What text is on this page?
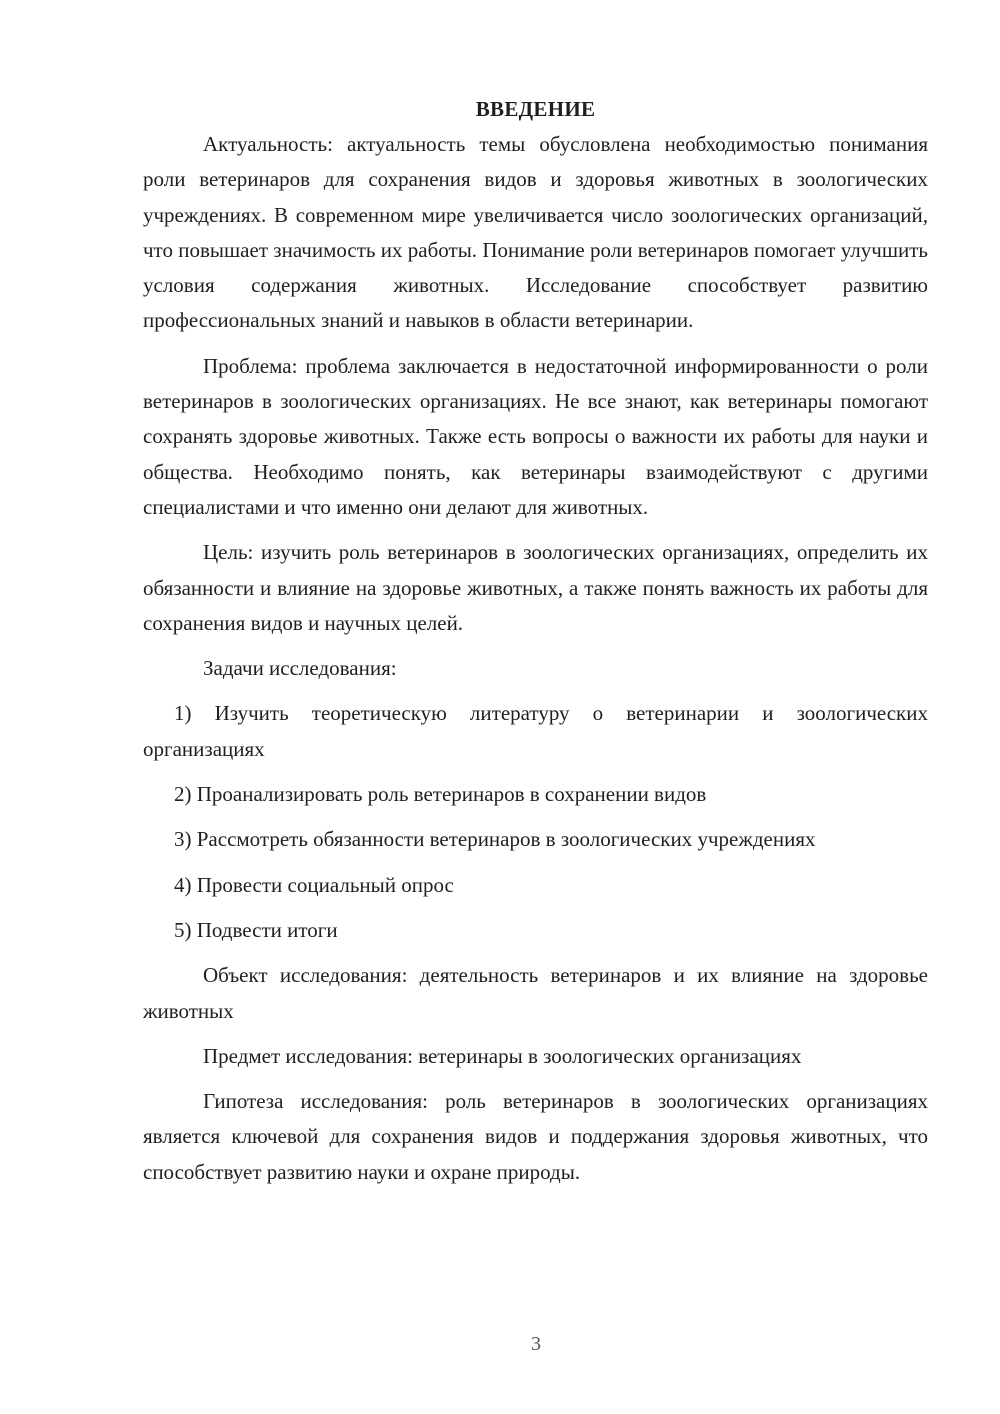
ВВЕДЕНИЕ

Актуальность: актуальность темы обусловлена необходимостью понимания роли ветеринаров для сохранения видов и здоровья животных в зоологических учреждениях. В современном мире увеличивается число зоологических организаций, что повышает значимость их работы. Понимание роли ветеринаров помогает улучшить условия содержания животных. Исследование способствует развитию профессиональных знаний и навыков в области ветеринарии.

Проблема: проблема заключается в недостаточной информированности о роли ветеринаров в зоологических организациях. Не все знают, как ветеринары помогают сохранять здоровье животных. Также есть вопросы о важности их работы для науки и общества. Необходимо понять, как ветеринары взаимодействуют с другими специалистами и что именно они делают для животных.

Цель: изучить роль ветеринаров в зоологических организациях, определить их обязанности и влияние на здоровье животных, а также понять важность их работы для сохранения видов и научных целей.

Задачи исследования:

1) Изучить теоретическую литературу о ветеринарии и зоологических организациях

2) Проанализировать роль ветеринаров в сохранении видов

3) Рассмотреть обязанности ветеринаров в зоологических учреждениях

4) Провести социальный опрос

5) Подвести итоги

Объект исследования: деятельность ветеринаров и их влияние на здоровье животных

Предмет исследования: ветеринары в зоологических организациях

Гипотеза исследования: роль ветеринаров в зоологических организациях является ключевой для сохранения видов и поддержания здоровья животных, что способствует развитию науки и охране природы.

3
